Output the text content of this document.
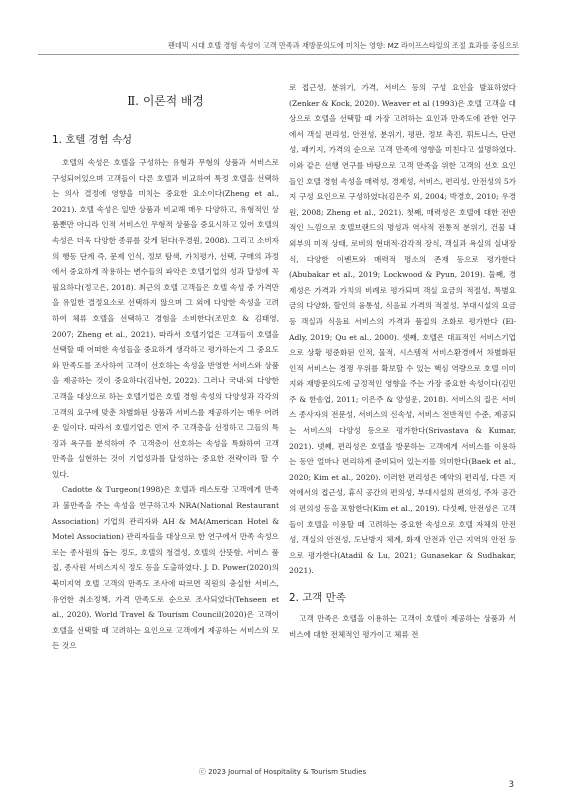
팬데믹 시대 호텔 경험 속성이 고객 만족과 재방문의도에 미치는 영향: MZ 라이프스타일의 조절 효과를 중심으로
Ⅱ. 이론적 배경
1. 호텔 경험 속성

호텔의 속성은 호텔을 구성하는 유형과 무형의 상품과 서비스로 구성되어있으며 고객들이 다른 호텔과 비교하여 특정 호텔을 선택하는 의사 결정에 영향을 미치는 중요한 요소이다(Zheng et al., 2021). 호텔 속성은 일반 상품과 비교해 매우 다양하고, 유형적인 상품뿐만 아니라 인적 서비스인 무형적 상품을 중요시하고 있어 호텔의 속성은 더욱 다양한 종류를 갖게 된다(우경원, 2008). 그리고 소비자의 행동 단계 즉, 문제 인식, 정보 탐색, 가치평가, 선택, 구매의 과정에서 중요하게 작용하는 변수들의 파악은 호텔기업의 성과 달성에 꼭 필요하다(정고은, 2018). 최근의 호텔 고객들은 호텔 속성 중 가격만을 유일한 결정요소로 선택하지 않으며 그 외에 다양한 속성을 고려하여 체류 호텔을 선택하고 경험을 소비한다(조민호 & 김태영, 2007; Zheng et al., 2021). 따라서 호텔기업은 고객들이 호텔을 선택할 때 어떠한 속성들을 중요하게 생각하고 평가하는지 그 중요도와 만족도를 조사하여 고객이 선호하는 속성을 반영한 서비스와 상품을 제공하는 것이 중요하다(김낙현, 2022). 그러나 국내·외 다양한 고객을 대상으로 하는 호텔기업은 호텔 경험 속성의 다양성과 각각의 고객의 요구에 맞춘 차별화된 상품과 서비스를 제공하기는 매우 어려운 일이다. 따라서 호텔기업은 먼저 주 고객층을 선정하고 그들의 특징과 욕구를 분석하여 주 고객층이 선호하는 속성을 특화하여 고객 만족을 실현하는 것이 기업성과를 달성하는 중요한 전략이라 할 수 있다.

Cadotte & Turgeon(1998)은 호텔과 레스토랑 고객에게 만족과 불만족을 주는 속성을 연구하고자 NRA(National Restaurant Association) 기업의 관리자와 AH & MA(American Hotel & Motel Association) 관리자들을 대상으로 한 연구에서 만족 속성으로는 종사원의 돕는 정도, 호텔의 청결성, 호텔의 산뜻함, 서비스 품질, 종사원 서비스지식 정도 등을 도출하였다. J. D. Power(2020)의 북미지역 호텔 고객의 만족도 조사에 따르면 직원의 충실한 서비스, 유연한 취소정책, 가격 만족도로 순으로 조사되었다(Tehseen et al., 2020). World Travel & Tourism Council(2020)은 고객이 호텔을 선택할 때 고려하는 요인으로 고객에게 제공하는 서비스의 모든 것으

로 접근성, 분위기, 가격, 서비스 등의 구성 요인을 발표하였다(Zenker & Kock, 2020). Weaver et al (1993)은 호텔 고객을 대상으로 호텔을 선택할 때 가장 고려하는 요인과 만족도에 관한 연구에서 객실 편리성, 안전성, 분위기, 평판, 정보 촉진, 휘트니스, 단련성, 패키지, 가격의 순으로 고객 만족에 영향을 미친다고 설명하였다. 이와 같은 선행 연구를 바탕으로 고객 만족을 위한 고객의 선호 요인들인 호텔 경험 속성을 매력성, 경제성, 서비스, 편리성, 안전성의 5가지 구성 요인으로 구성하였다(김은주 외, 2004; 박경호, 2010; 우경원, 2008; Zheng et al., 2021). 첫째, 매력성은 호텔에 대한 전반적인 느낌으로 호텔브랜드의 명성과 역사적 전통적 분위기, 건물 내외부의 미적 상태, 로비의 현대적·감각적 장식, 객실과 욕실의 실내장식, 다양한 이벤트와 매력적 명소의 존재 등으로 평가한다(Abubakar et al., 2019; Lockwood & Pyun, 2019). 둘째, 경제성은 가격과 가치의 비례로 평가되며 객실 요금의 적절성, 특별요금의 다양화, 할인의 융통성, 식음료 가격의 적절성, 부대시설의 요금 등 객실과 식음료 서비스의 가격과 품질의 조화로 평가한다 (El-Adly, 2019; Qu et al., 2000). 셋째, 호텔은 대표적인 서비스기업으로 상황 평준화된 인적, 물적, 시스템적 서비스환경에서 차별화된 인적 서비스는 경쟁 우위를 확보할 수 있는 핵심 역량으로 호텔 이미지와 재방문의도에 긍정적인 영향을 주는 가장 중요한 속성이다(김민주 & 한송엽, 2011; 이은주 & 양성운, 2018). 서비스의 질은 서비스 종사자의 전문성, 서비스의 신속성, 서비스 전반적인 수준, 제공되는 서비스의 다양성 등으로 평가한다(Srivastava & Kumar, 2021). 넷째, 편리성은 호텔을 방문하는 고객에게 서비스를 이용하는 동안 얼마나 편리하게 준비되어 있는지를 의미한다(Baek et al., 2020; Kim et al., 2020). 이러한 편리성은 예약의 편리성, 다른 지역에서의 접근성, 휴식 공간의 편의성, 부대시설의 편의성, 주차 공간의 편의성 등을 포함한다(Kim et al., 2019). 다섯째, 안전성은 고객들이 호텔을 이용할 때 고려하는 중요한 속성으로 호텔 자체의 안전성, 객실의 안전성, 도난방지 체계, 화재 안전과 인근 지역의 안전 등으로 평가한다(Atadil & Lu, 2021; Gunasekar & Sudhakar, 2021).

2. 고객 만족

고객 만족은 호텔을 이용하는 고객이 호텔이 제공하는 상품과 서비스에 대한 전체적인 평가이고 체류 전

ⓒ 2023 Journal of Hospitality & Tourism Studies
3
